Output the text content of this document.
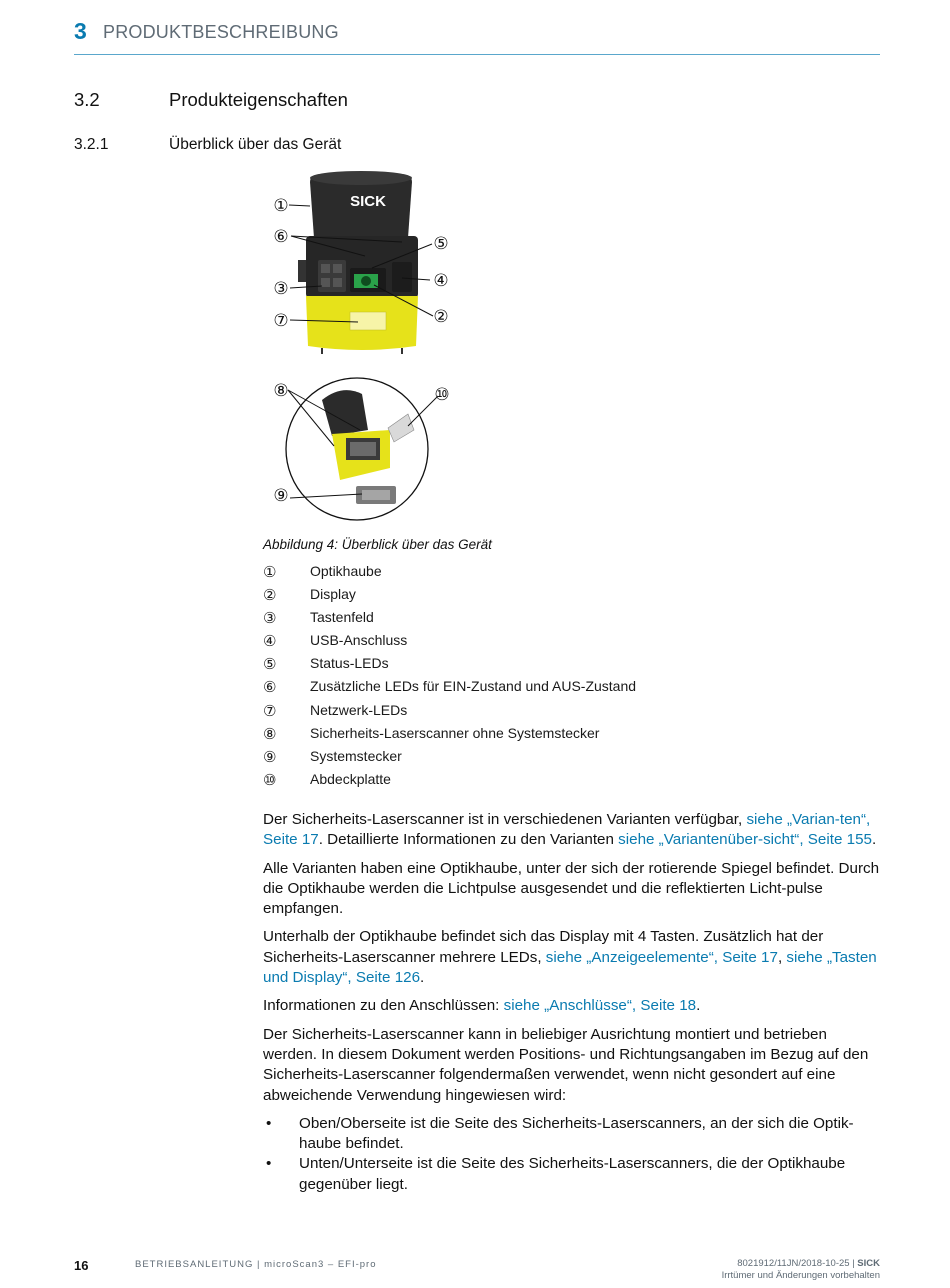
3 PRODUKTBESCHREIBUNG
3.2	Produkteigenschaften
3.2.1	Überblick über das Gerät
SICK
①
②
③	④
⑤
⑥
⑦
⑧
⑨
⑩
Abbildung 4: Überblick über das Gerät
① Optikhaube
② Display
③ Tastenfeld
④ USB-Anschluss
⑤ Status-LEDs
⑥ Zusätzliche LEDs für EIN-Zustand und AUS-Zustand
⑦ Netzwerk-LEDs
⑧ Sicherheits-Laserscanner ohne Systemstecker
⑨ Systemstecker
⑩ Abdeckplatte

Der Sicherheits-Laserscanner ist in verschiedenen Varianten verfügbar, siehe „Varian-ten“, Seite 17. Detaillierte Informationen zu den Varianten siehe „Variantenüber-sicht“, Seite 155.

Alle Varianten haben eine Optikhaube, unter der sich der rotierende Spiegel befindet. Durch die Optikhaube werden die Lichtpulse ausgesendet und die reflektierten Licht-pulse empfangen.

Unterhalb der Optikhaube befindet sich das Display mit 4 Tasten. Zusätzlich hat der Sicherheits-Laserscanner mehrere LEDs, siehe „Anzeigeelemente“, Seite 17, siehe „Tasten und Display“, Seite 126.

Informationen zu den Anschlüssen: siehe „Anschlüsse“, Seite 18.

Der Sicherheits-Laserscanner kann in beliebiger Ausrichtung montiert und betrieben werden. In diesem Dokument werden Positions- und Richtungsangaben im Bezug auf den Sicherheits-Laserscanner folgendermaßen verwendet, wenn nicht gesondert auf eine abweichende Verwendung hingewiesen wird:

• Oben/Oberseite ist die Seite des Sicherheits-Laserscanners, an der sich die Optik-haube befindet.
• Unten/Unterseite ist die Seite des Sicherheits-Laserscanners, die der Optikhaube gegenüber liegt.
16	BETRIEBSANLEITUNG | microScan3 – EFI-pro	8021912/11JN/2018-10-25 | SICK
Irrtümer und Änderungen vorbehalten
